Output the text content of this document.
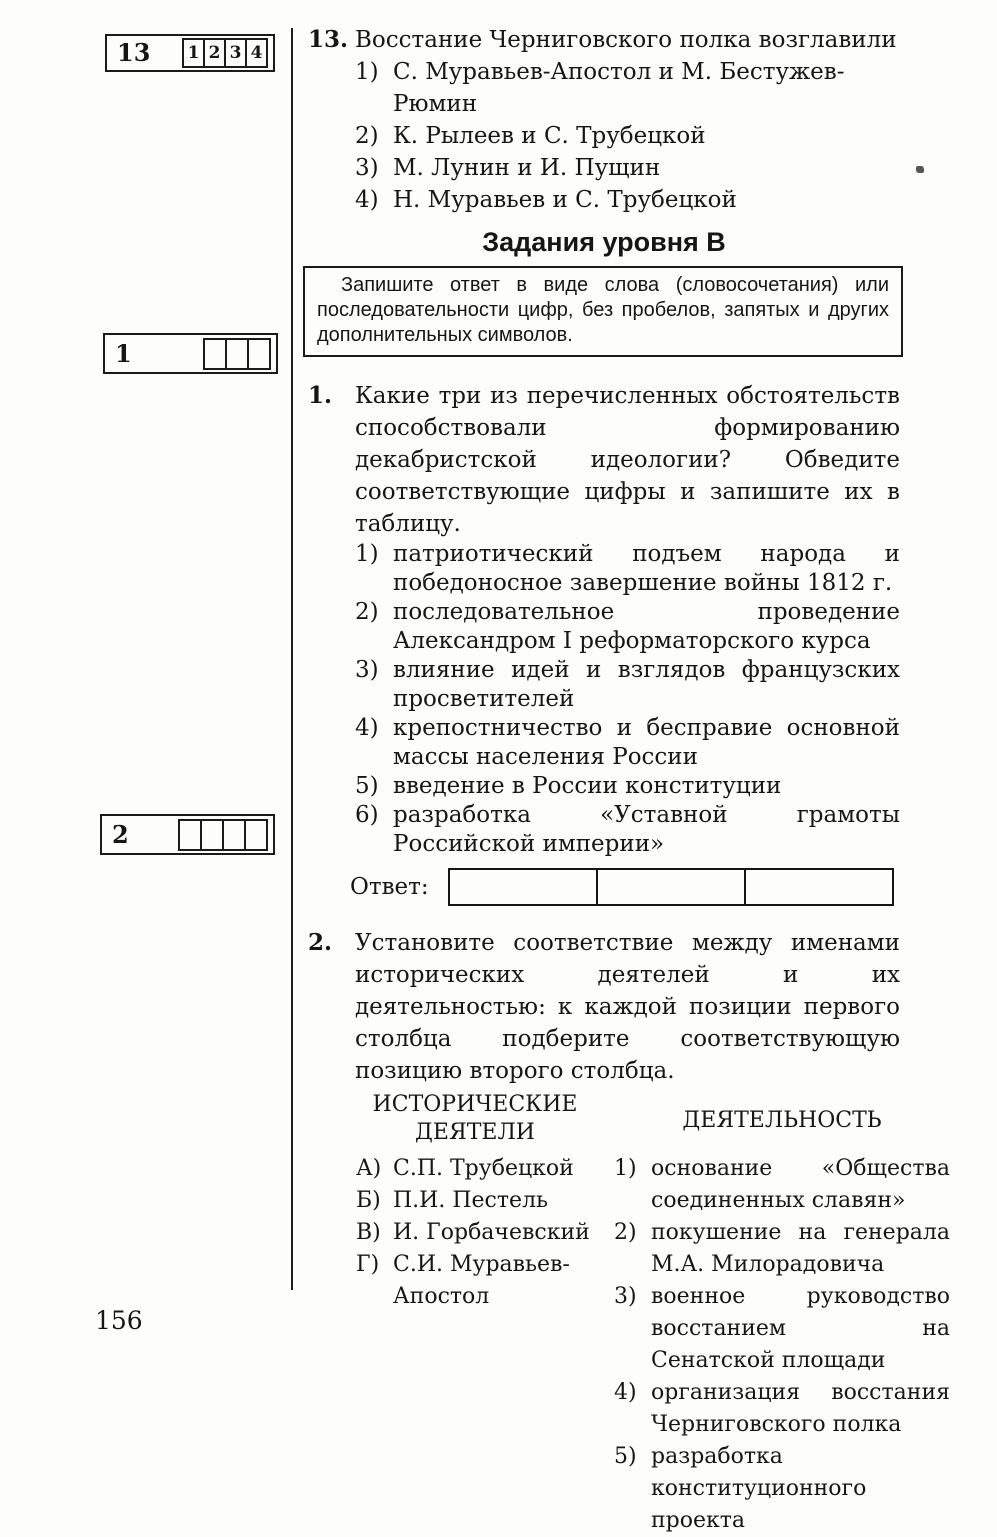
13	1 2 3 4
1
2
13. Восстание Черниговского полка возглавили
1) С. Муравьев-Апостол и М. Бестужев-Рюмин
2) К. Рылеев и С. Трубецкой
3) М. Лунин и И. Пущин
4) Н. Муравьев и С. Трубецкой
Задания уровня В

Запишите ответ в виде слова (словосочетания) или последовательности цифр, без пробелов, запятых и других дополнительных символов.

1. Какие три из перечисленных обстоятельств способствовали формированию декабристской идеологии? Обведите соответствующие цифры и запишите их в таблицу.
1) патриотический подъем народа и победоносное завершение войны 1812 г.
2) последовательное проведение Александром I реформаторского курса
3) влияние идей и взглядов французских просветителей
4) крепостничество и бесправие основной массы населения России
5) введение в России конституции
6) разработка «Уставной грамоты Российской империи»
Ответ:
2. Установите соответствие между именами исторических деятелей и их деятельностью: к каждой позиции первого столбца подберите соответствующую позицию второго столбца.
ИСТОРИЧЕСКИЕ ДЕЯТЕЛИ
А) С.П. Трубецкой
Б) П.И. Пестель
В) И. Горбачевский
Г) С.И. Муравьев-Апостол
ДЕЯТЕЛЬНОСТЬ
1) основание «Общества соединенных славян»
2) покушение на генерала М.А. Милорадовича
3) военное руководство восстанием на Сенатской площади
4) организация восстания Черниговского полка
5) разработка конституционного проекта
156
